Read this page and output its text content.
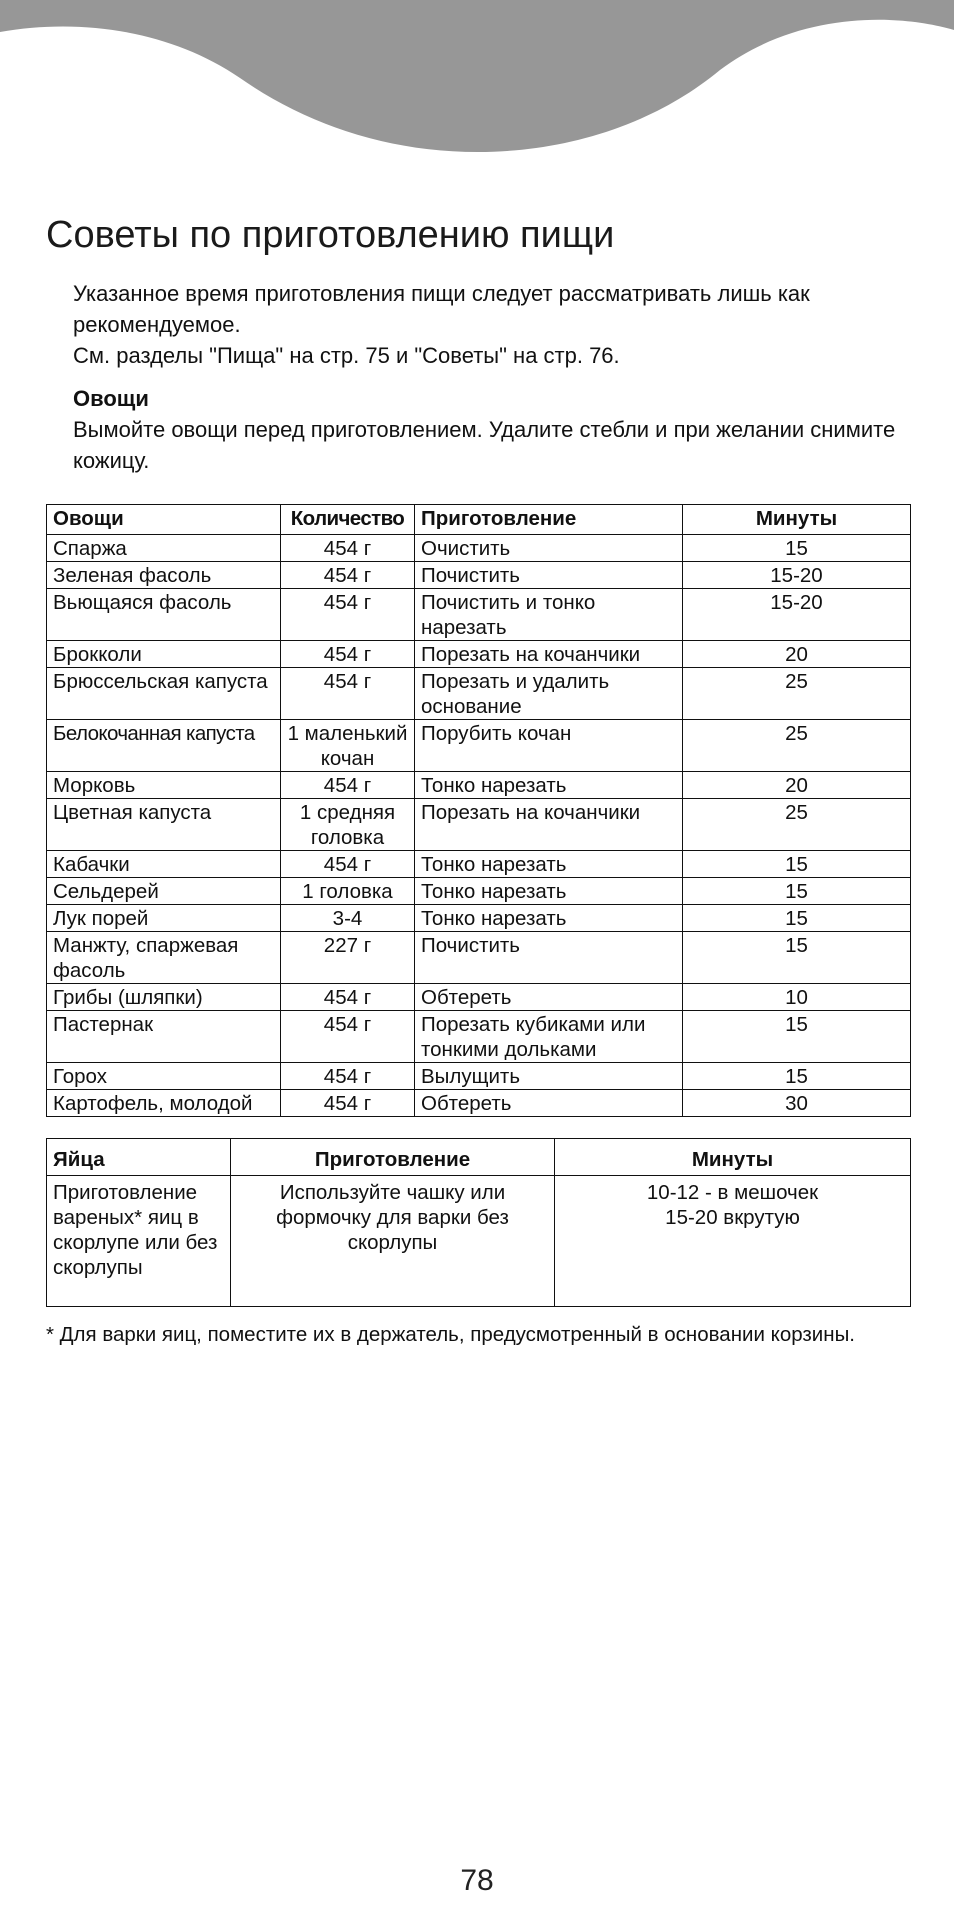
Советы по приготовлению пищи

Указанное время приготовления пищи следует рассматривать лишь как рекомендуемое.

См. разделы "Пища" на стр. 75 и "Советы" на стр. 76.

Овощи

Вымойте овощи перед приготовлением. Удалите стебли и при желании снимите кожицу.

Овощи	Количество	Приготовление	Минуты
Спаржа	454 г	Очистить	15
Зеленая фасоль	454 г	Почистить	15-20
Вьющаяся фасоль	454 г	Почистить и тонко нарезать	15-20
Брокколи	454 г	Порезать на кочанчики	20
Брюссельская капуста	454 г	Порезать и удалить основание	25
Белокочанная капуста	1 маленький кочан	Порубить кочан	25
Морковь	454 г	Тонко нарезать	20
Цветная капуста	1 средняя головка	Порезать на кочанчики	25
Кабачки	454 г	Тонко нарезать	15
Сельдерей	1 головка	Тонко нарезать	15
Лук порей	3-4	Тонко нарезать	15
Манжту, спаржевая фасоль	227 г	Почистить	15
Грибы (шляпки)	454 г	Обтереть	10
Пастернак	454 г	Порезать кубиками или тонкими дольками	15
Горох	454 г	Вылущить	15
Картофель, молодой	454 г	Обтереть	30
Яйца	Приготовление	Минуты

Приготовление вареных* яиц в скорлупе или без скорлупы	Используйте чашку или формочку для варки без скорлупы	10-12 - в мешочек
15-20 вкрутую

* Для варки яиц, поместите их в держатель, предусмотренный в основании корзины.

78
